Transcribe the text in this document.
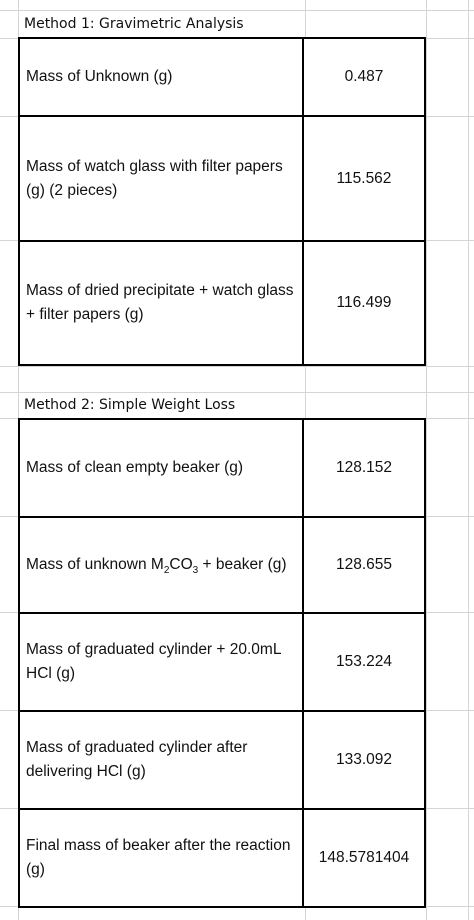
Method 1: Gravimetric Analysis
Mass of Unknown (g)	0.487
Mass of watch glass with filter papers (g) (2 pieces)	115.562
Mass of dried precipitate + watch glass + filter papers (g)	116.499
Method 2: Simple Weight Loss
Mass of clean empty beaker (g)	128.152
Mass of unknown $M_2CO_3$ + beaker (g)	128.655
Mass of graduated cylinder + 20.0mL HCl (g)	153.224
Mass of graduated cylinder after delivering HCl (g)	133.092
Final mass of beaker after the reaction (g)	148.5781404
